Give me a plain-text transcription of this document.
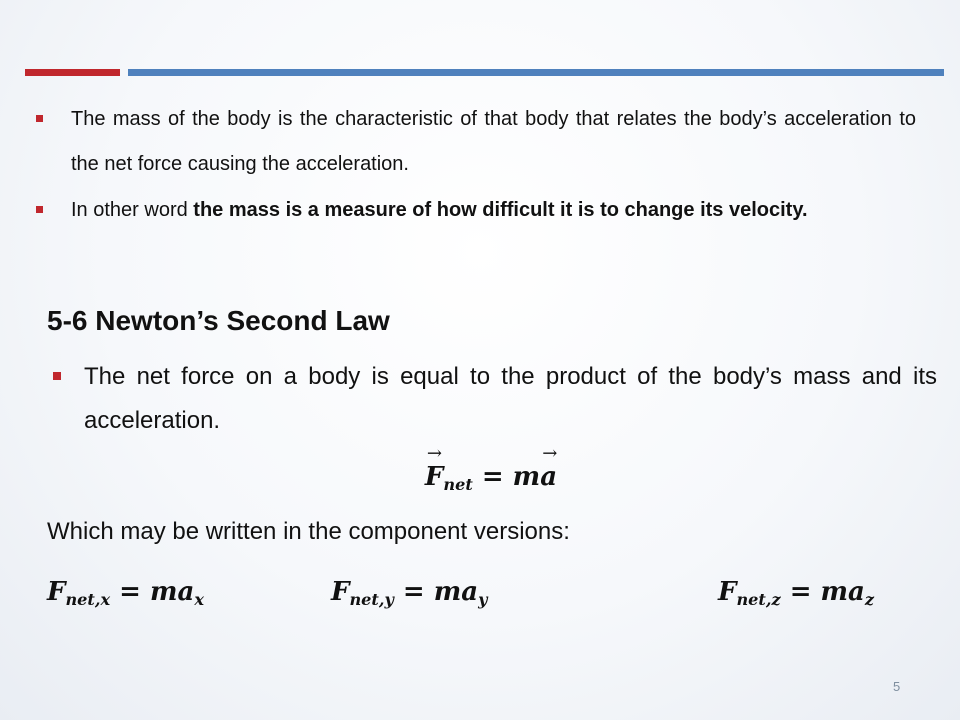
The mass of the body is the characteristic of that body that relates the body’s acceleration to the net force causing the acceleration.

In other word the mass is a measure of how difficult it is to change its velocity.

5-6 Newton’s Second Law

The net force on a body is equal to the product of the body’s mass and its acceleration.

→ $F_{net} = m\to a$
Which may be written in the component versions:
$F_{net,x} = ma_x$	$F_{net,y} = ma_y$	$F_{net,z} = ma_z$
5
